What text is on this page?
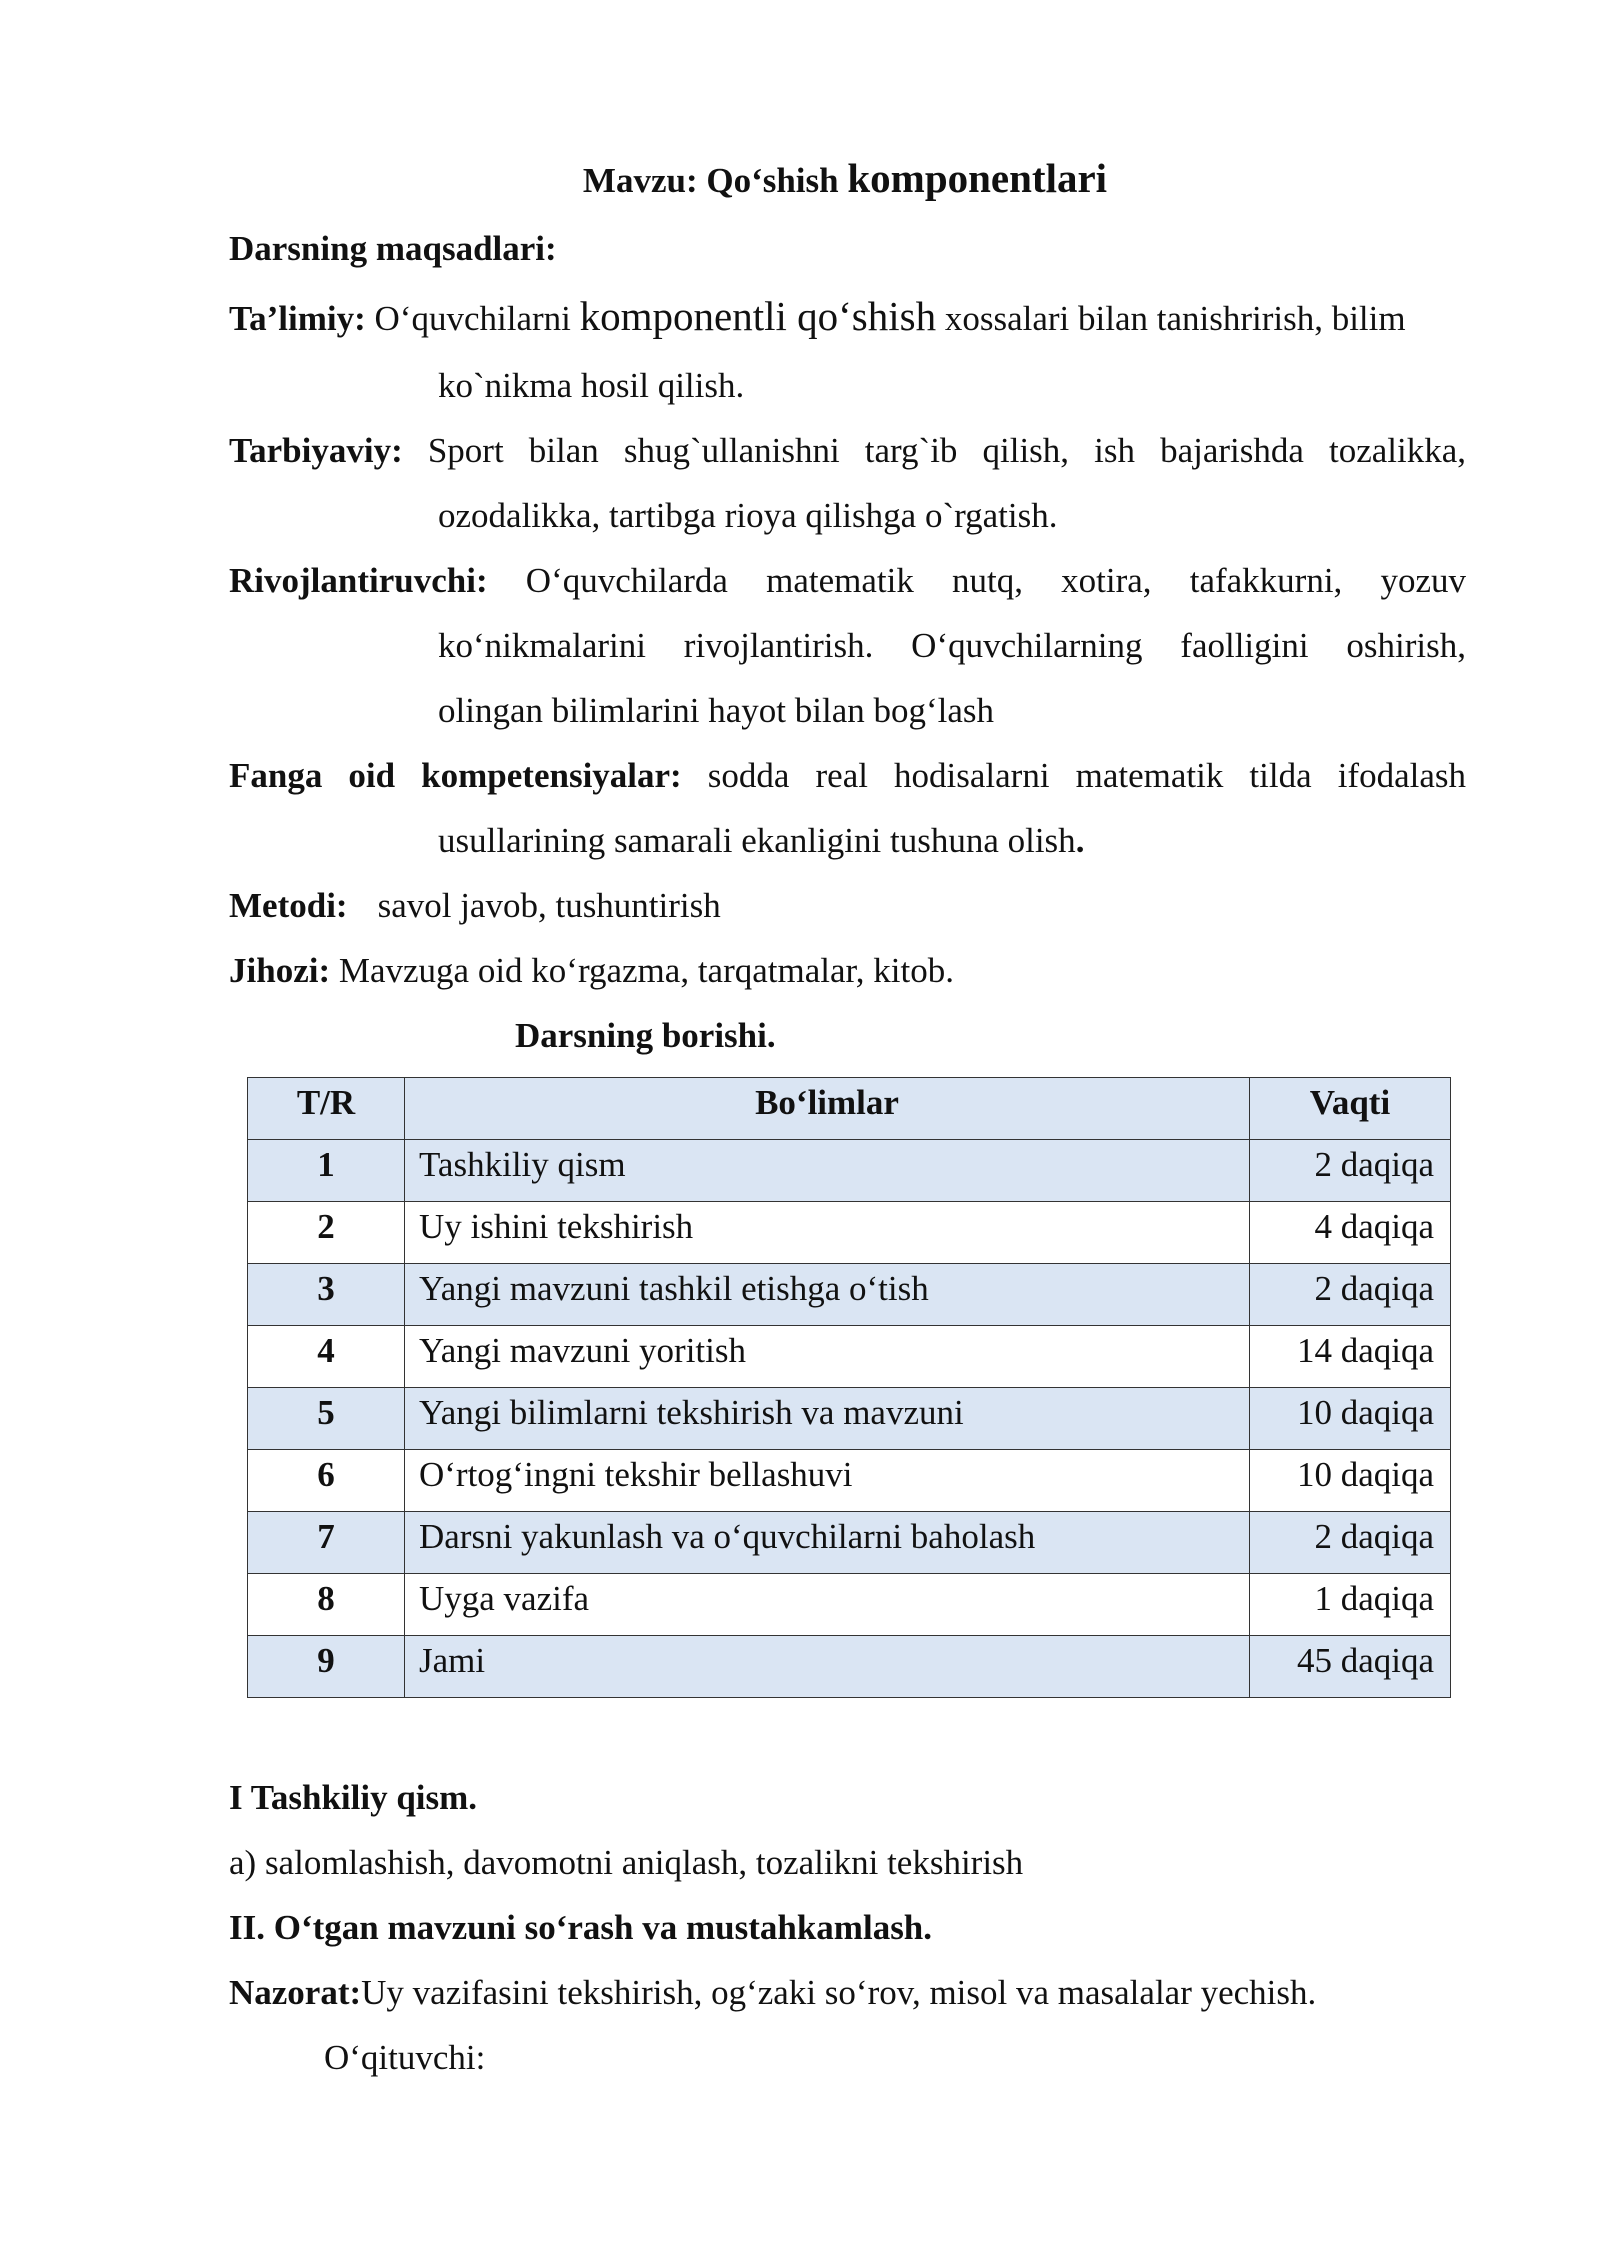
Mavzu: Qo‘shish komponentlari
Darsning maqsadlari:
Ta’limiy: O‘quvchilarni komponentli qo‘shish xossalari bilan tanishrirish, bilim
ko`nikma hosil qilish.
Tarbiyaviy: Sport bilan shug`ullanishni targ`ib qilish, ish bajarishda tozalikka,
ozodalikka, tartibga rioya qilishga o`rgatish.
Rivojlantiruvchi: O‘quvchilarda matematik nutq, xotira, tafakkurni, yozuv
ko‘nikmalarini rivojlantirish. O‘quvchilarning faolligini oshirish,
olingan bilimlarini hayot bilan bog‘lash
Fanga oid kompetensiyalar: sodda real hodisalarni matematik tilda ifodalash
usullarining samarali ekanligini tushuna olish.
Metodi: savol javob, tushuntirish
Jihozi: Mavzuga oid ko‘rgazma, tarqatmalar, kitob.
Darsning borishi.
T/R	Bo‘limlar	Vaqti
1	Tashkiliy qism	2 daqiqa
2	Uy ishini tekshirish	4 daqiqa
3	Yangi mavzuni tashkil etishga o‘tish	2 daqiqa
4	Yangi mavzuni yoritish	14 daqiqa
5	Yangi bilimlarni tekshirish va mavzuni	10 daqiqa
6	O‘rtog‘ingni tekshir bellashuvi	10 daqiqa
7	Darsni yakunlash va o‘quvchilarni baholash	2 daqiqa
8	Uyga vazifa	1 daqiqa
9	Jami	45 daqiqa
I Tashkiliy qism.
a) salomlashish, davomotni aniqlash, tozalikni tekshirish
II. O‘tgan mavzuni so‘rash va mustahkamlash.
Nazorat:Uy vazifasini tekshirish, og‘zaki so‘rov, misol va masalalar yechish.
O‘qituvchi:
